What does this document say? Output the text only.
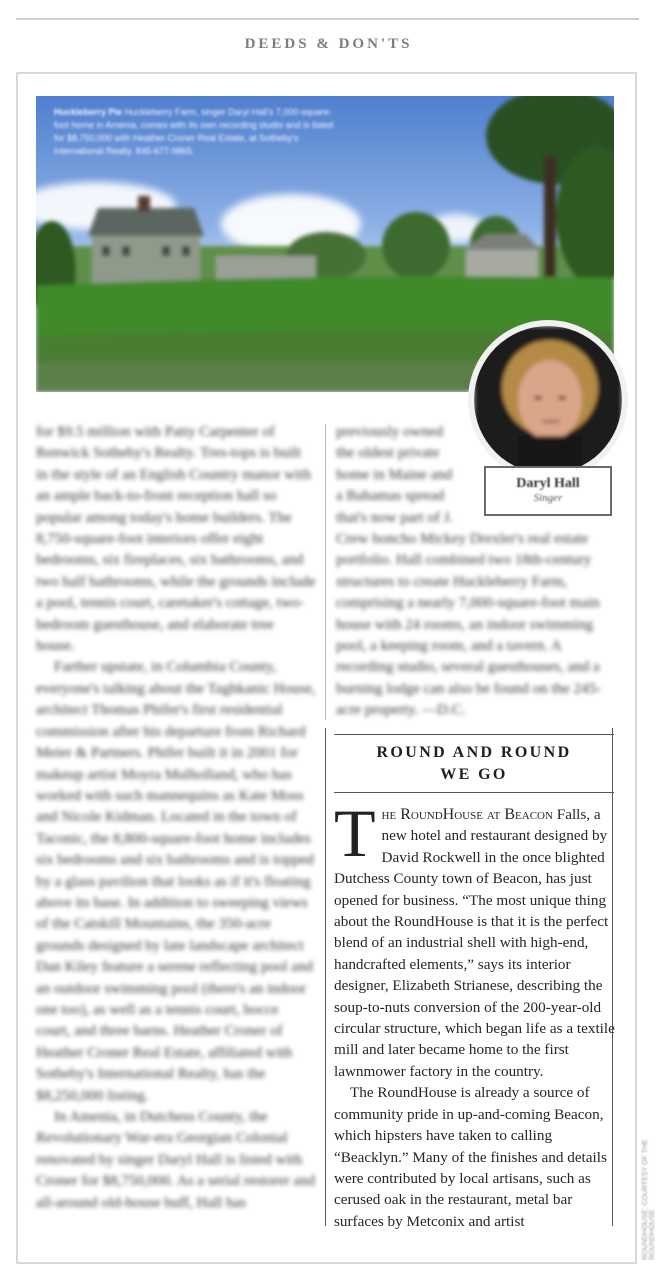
DEEDS & DON'TS
Huckleberry Pie Huckleberry Farm, singer Daryl Hall's 7,000-square-foot home in Amenia, comes with its own recording studio and is listed for $8,750,000 with Heather Croner Real Estate, at Sotheby's International Realty. 845-677-9865.
Daryl Hall
Singer

for $9.5 million with Patty Carpenter of Renwick Sotheby's Realty. Tres-tops is built in the style of an English Country manor with an ample back-to-front reception hall so popular among today's home builders. The 8,750-square-foot interiors offer eight bedrooms, six fireplaces, six bathrooms, and two half bathrooms, while the grounds include a pool, tennis court, caretaker's cottage, two-bedroom guesthouse, and elaborate tree house.

Farther upstate, in Columbia County, everyone's talking about the Taghkanic House, architect Thomas Phifer's first residential commission after his departure from Richard Meier & Partners. Phifer built it in 2001 for makeup artist Moyra Mulholland, who has worked with such mannequins as Kate Moss and Nicole Kidman. Located in the town of Taconic, the 8,800-square-foot home includes six bedrooms and six bathrooms and is topped by a glass pavilion that looks as if it's floating above its base. In addition to sweeping views of the Catskill Mountains, the 350-acre grounds designed by late landscape architect Dan Kiley feature a serene reflecting pool and an outdoor swimming pool (there's an indoor one too), as well as a tennis court, bocce court, and three barns. Heather Croner of Heather Croner Real Estate, affiliated with Sotheby's International Realty, has the $8,250,000 listing.

In Amenia, in Dutchess County, the Revolutionary War-era Georgian Colonial renovated by singer Daryl Hall is listed with Croner for $8,750,000. As a serial restorer and all-around old-house buff, Hall has

previously owned
the oldest private
home in Maine and
a Bahamas spread
that's now part of J.
Crew honcho Mickey Drexler's real estate portfolio. Hall combined two 18th-century structures to create Huckleberry Farm, comprising a nearly 7,000-square-foot main house with 24 rooms, an indoor swimming pool, a keeping room, and a tavern. A recording studio, several guesthouses, and a burning lodge can also be found on the 245-acre property. —D.C.
ROUND AND ROUND
WE GO

The RoundHouse at Beacon Falls, a new hotel and restaurant designed by David Rockwell in the once blighted Dutchess County town of Beacon, has just opened for business. “The most unique thing about the RoundHouse is that it is the perfect blend of an industrial shell with high-end, handcrafted elements,” says its interior designer, Elizabeth Strianese, describing the soup-to-nuts conversion of the 200-year-old circular structure, which began life as a textile mill and later became home to the first lawnmower factory in the country.

The RoundHouse is already a source of community pride in up-and-coming Beacon, which hipsters have taken to calling “Beacklyn.” Many of the finishes and details were contributed by local artisans, such as cerused oak in the restaurant, metal bar surfaces by Metconix and artist	ROUNDHOUSE: COURTESY OF THE ROUNDHOUSE
